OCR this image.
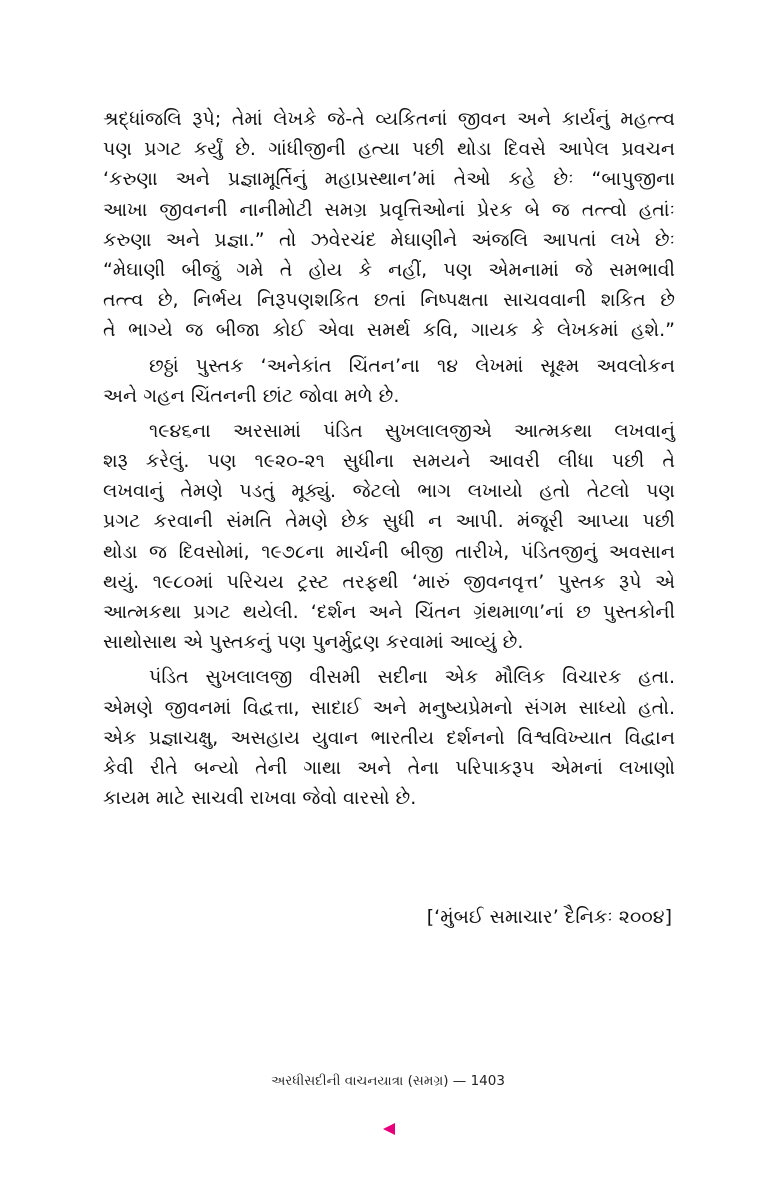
શ્રદ્ધાંજલિ રૂપે; તેમાં લેખકે જે-તે વ્યકિતનાં જીવન અને કાર્યનું મહત્ત્વ
પણ પ્રગટ કર્યું છે. ગાંધીજીની હત્યા પછી થોડા દિવસે આપેલ પ્રવચન
‘કરુણા અને પ્રજ્ઞામૂર્તિનું મહાપ્રસ્થાન’માં તેઓ કહે છેઃ “બાપુજીના
આખા જીવનની નાનીમોટી સમગ્ર પ્રવૃત્તિઓનાં પ્રેરક બે જ તત્ત્વો હતાંઃ
કરુણા અને પ્રજ્ઞા.” તો ઝવેરચંદ મેઘાણીને અંજલિ આપતાં લખે છેઃ
“મેઘાણી બીજું ગમે તે હોય કે નહીં, પણ એમનામાં જે સમભાવી
તત્ત્વ છે, નિર્ભય નિરૂપણશકિત છતાં નિષ્પક્ષતા સાચવવાની શકિત છે
તે ભાગ્યે જ બીજા કોઈ એવા સમર્થ કવિ, ગાયક કે લેખકમાં હશે.”
છઠ્ઠાં પુસ્તક ‘અનેકાંત ચિંતન’ના ૧૪ લેખમાં સૂક્ષ્મ અવલોકન
અને ગહન ચિંતનની છાંટ જોવા મળે છે.
૧૯૪૬ના અરસામાં પંડિત સુખલાલજીએ આત્મકથા લખવાનું
શરૂ કરેલું. પણ ૧૯૨૦-૨૧ સુધીના સમયને આવરી લીધા પછી તે
લખવાનું તેમણે પડતું મૂક્યું. જેટલો ભાગ લખાયો હતો તેટલો પણ
પ્રગટ કરવાની સંમતિ તેમણે છેક સુધી ન આપી. મંજૂરી આપ્યા પછી
થોડા જ દિવસોમાં, ૧૯૭૮ના માર્ચની બીજી તારીખે, પંડિતજીનું અવસાન
થયું. ૧૯૮૦માં પરિચય ટ્રસ્ટ તરફથી ‘મારું જીવનવૃત્ત’ પુસ્તક રૂપે એ
આત્મકથા પ્રગટ થયેલી. ‘દર્શન અને ચિંતન ગ્રંથમાળા’નાં છ પુસ્તકોની
સાથોસાથ એ પુસ્તકનું પણ પુનર્મુદ્રણ કરવામાં આવ્યું છે.
પંડિત સુખલાલજી વીસમી સદીના એક મૌલિક વિચારક હતા.
એમણે જીવનમાં વિદ્વત્તા, સાદાઈ અને મનુષ્યપ્રેમનો સંગમ સાધ્યો હતો.
એક પ્રજ્ઞાચક્ષુ, અસહાય યુવાન ભારતીય દર્શનનો વિશ્વવિખ્યાત વિદ્વાન
કેવી રીતે બન્યો તેની ગાથા અને તેના પરિપાકરૂપ એમનાં લખાણો
કાયમ માટે સાચવી રાખવા જેવો વારસો છે.
[‘મુંબઈ સમાચાર’ દૈનિકઃ ૨૦૦૪]
અરધીસદીની વાચનયાત્રા (સમગ્ર) — 1403
